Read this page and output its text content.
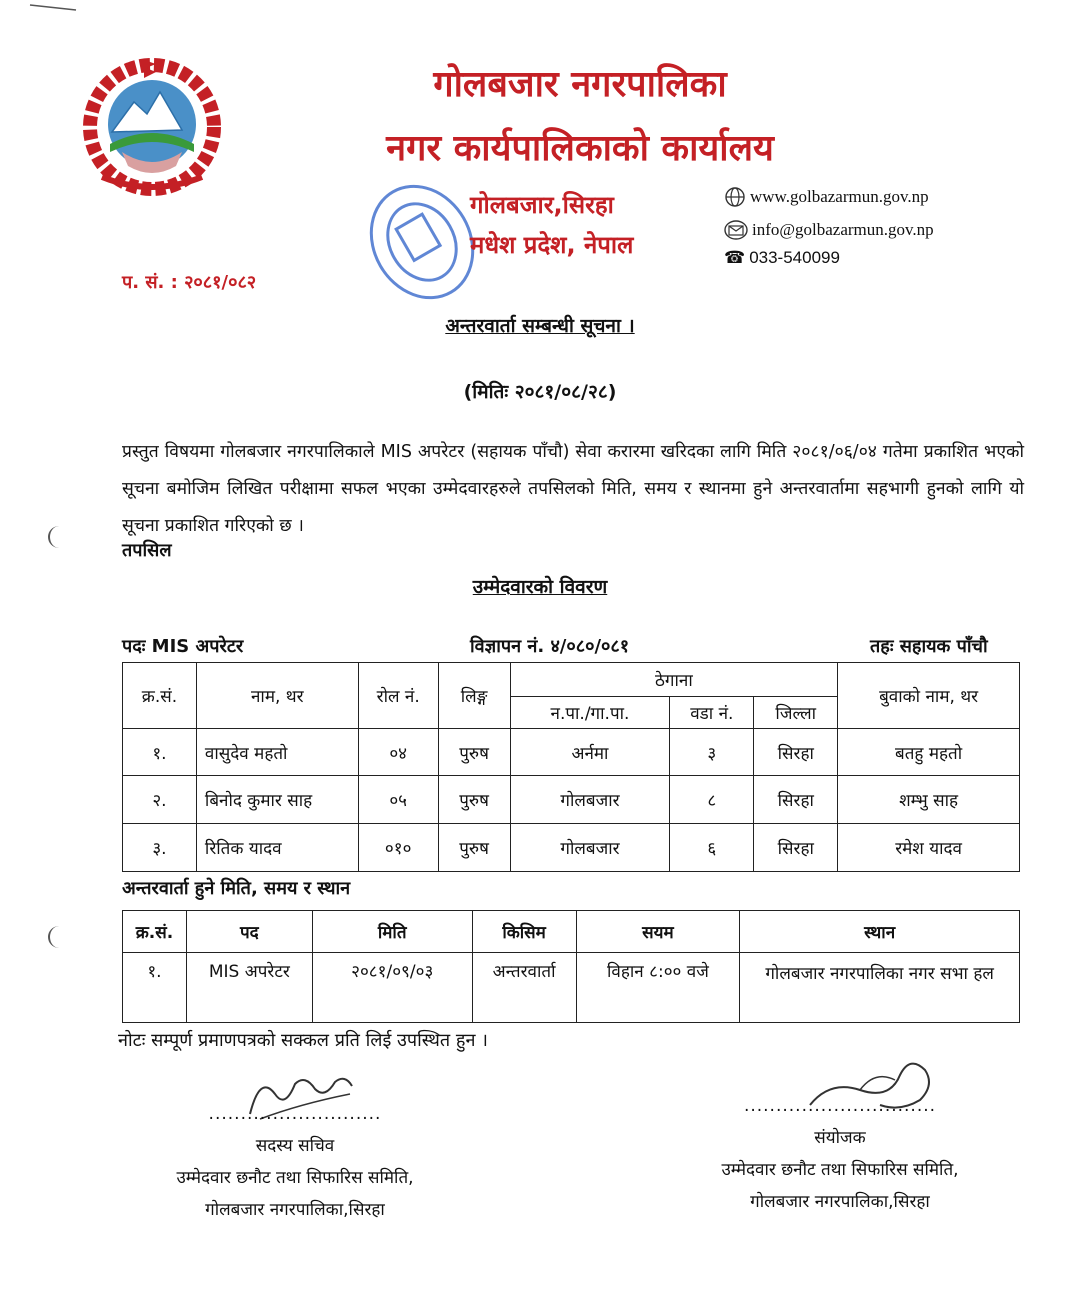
गोलबजार नगरपालिका
नगर कार्यपालिकाको कार्यालय
गोलबजार,सिरहा
मधेश प्रदेश, नेपाल
www.golbazarmun.gov.np
info@golbazarmun.gov.np
☎ 033-540099
प. सं. : २०८१/०८२
अन्तरवार्ता सम्बन्धी सूचना ।
(मितिः २०८१/०८/२८)
प्रस्तुत विषयमा गोलबजार नगरपालिकाले MIS अपरेटर (सहायक पाँचौ) सेवा करारमा खरिदका लागि मिति २०८१/०६/०४ गतेमा प्रकाशित भएको सूचना बमोजिम लिखित परीक्षामा सफल भएका उम्मेदवारहरुले तपसिलको मिति, समय र स्थानमा हुने अन्तरवार्तामा सहभागी हुनको लागि यो सूचना प्रकाशित गरिएको छ ।
तपसिल
उम्मेदवारको विवरण
पदः MIS अपरेटर	विज्ञापन नं. ४/०८०/०८१	तहः सहायक पाँचौ
क्र.सं.	नाम, थर	रोल नं.	लिङ्ग	ठेगाना			बुवाको नाम, थर
				न.पा./गा.पा.	वडा नं.	जिल्ला	
१.	वासुदेव महतो	०४	पुरुष	अर्नमा	३	सिरहा	बतहु महतो
२.	बिनोद कुमार साह	०५	पुरुष	गोलबजार	८	सिरहा	शम्भु साह
३.	रितिक यादव	०१०	पुरुष	गोलबजार	६	सिरहा	रमेश यादव
अन्तरवार्ता हुने मिति, समय र स्थान
क्र.सं.	पद	मिति	किसिम	सयम	स्थान
१.	MIS अपरेटर	२०८१/०९/०३	अन्तरवार्ता	विहान ८:०० वजे	गोलबजार नगरपालिका नगर सभा हल
नोटः सम्पूर्ण प्रमाणपत्रको सक्कल प्रति लिई उपस्थित हुन ।
...........................
सदस्य सचिव
उम्मेदवार छनौट तथा सिफारिस समिति,
गोलबजार नगरपालिका,सिरहा
..............................
संयोजक
उम्मेदवार छनौट तथा सिफारिस समिति,
गोलबजार नगरपालिका,सिरहा
